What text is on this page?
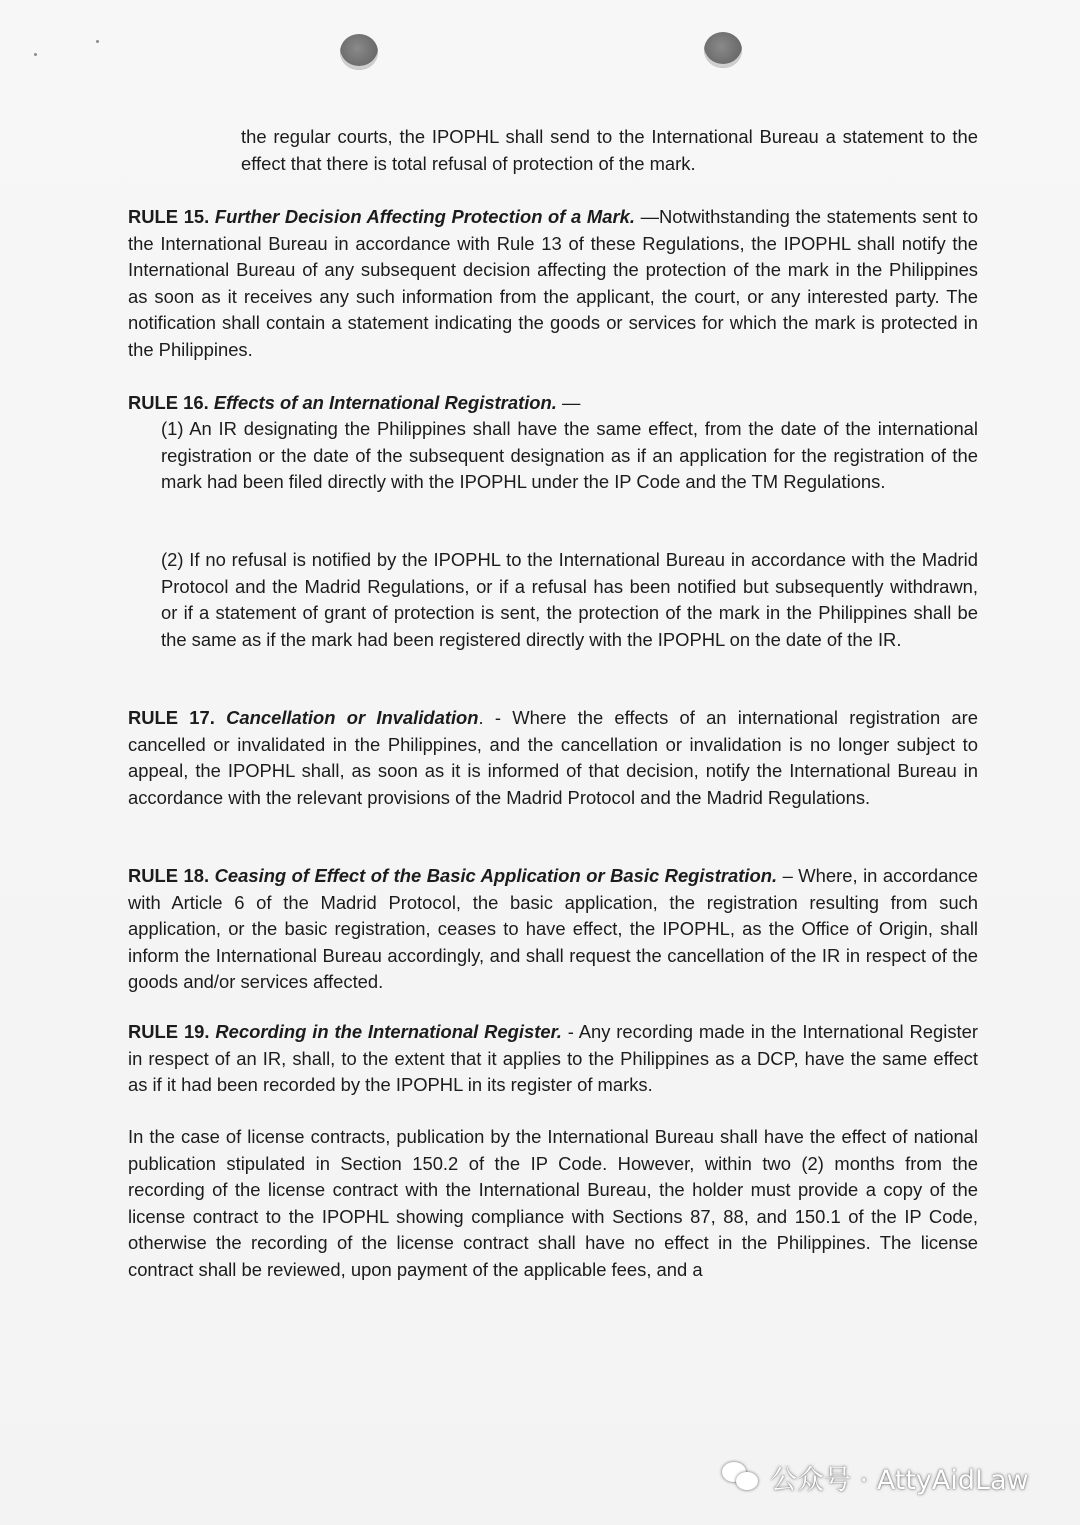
the regular courts, the IPOPHL shall send to the International Bureau a statement to the effect that there is total refusal of protection of the mark.

RULE 15. Further Decision Affecting Protection of a Mark. —Notwithstanding the statements sent to the International Bureau in accordance with Rule 13 of these Regulations, the IPOPHL shall notify the International Bureau of any subsequent decision affecting the protection of the mark in the Philippines as soon as it receives any such information from the applicant, the court, or any interested party. The notification shall contain a statement indicating the goods or services for which the mark is protected in the Philippines.

RULE 16. Effects of an International Registration. —

(1) An IR designating the Philippines shall have the same effect, from the date of the international registration or the date of the subsequent designation as if an application for the registration of the mark had been filed directly with the IPOPHL under the IP Code and the TM Regulations.

(2) If no refusal is notified by the IPOPHL to the International Bureau in accordance with the Madrid Protocol and the Madrid Regulations, or if a refusal has been notified but subsequently withdrawn, or if a statement of grant of protection is sent, the protection of the mark in the Philippines shall be the same as if the mark had been registered directly with the IPOPHL on the date of the IR.

RULE 17. Cancellation or Invalidation. - Where the effects of an international registration are cancelled or invalidated in the Philippines, and the cancellation or invalidation is no longer subject to appeal, the IPOPHL shall, as soon as it is informed of that decision, notify the International Bureau in accordance with the relevant provisions of the Madrid Protocol and the Madrid Regulations.

RULE 18. Ceasing of Effect of the Basic Application or Basic Registration. – Where, in accordance with Article 6 of the Madrid Protocol, the basic application, the registration resulting from such application, or the basic registration, ceases to have effect, the IPOPHL, as the Office of Origin, shall inform the International Bureau accordingly, and shall request the cancellation of the IR in respect of the goods and/or services affected.

RULE 19. Recording in the International Register. - Any recording made in the International Register in respect of an IR, shall, to the extent that it applies to the Philippines as a DCP, have the same effect as if it had been recorded by the IPOPHL in its register of marks.

In the case of license contracts, publication by the International Bureau shall have the effect of national publication stipulated in Section 150.2 of the IP Code. However, within two (2) months from the recording of the license contract with the International Bureau, the holder must provide a copy of the license contract to the IPOPHL showing compliance with Sections 87, 88, and 150.1 of the IP Code, otherwise the recording of the license contract shall have no effect in the Philippines. The license contract shall be reviewed, upon payment of the applicable fees, and a

公众号 · AttyAidLaw
